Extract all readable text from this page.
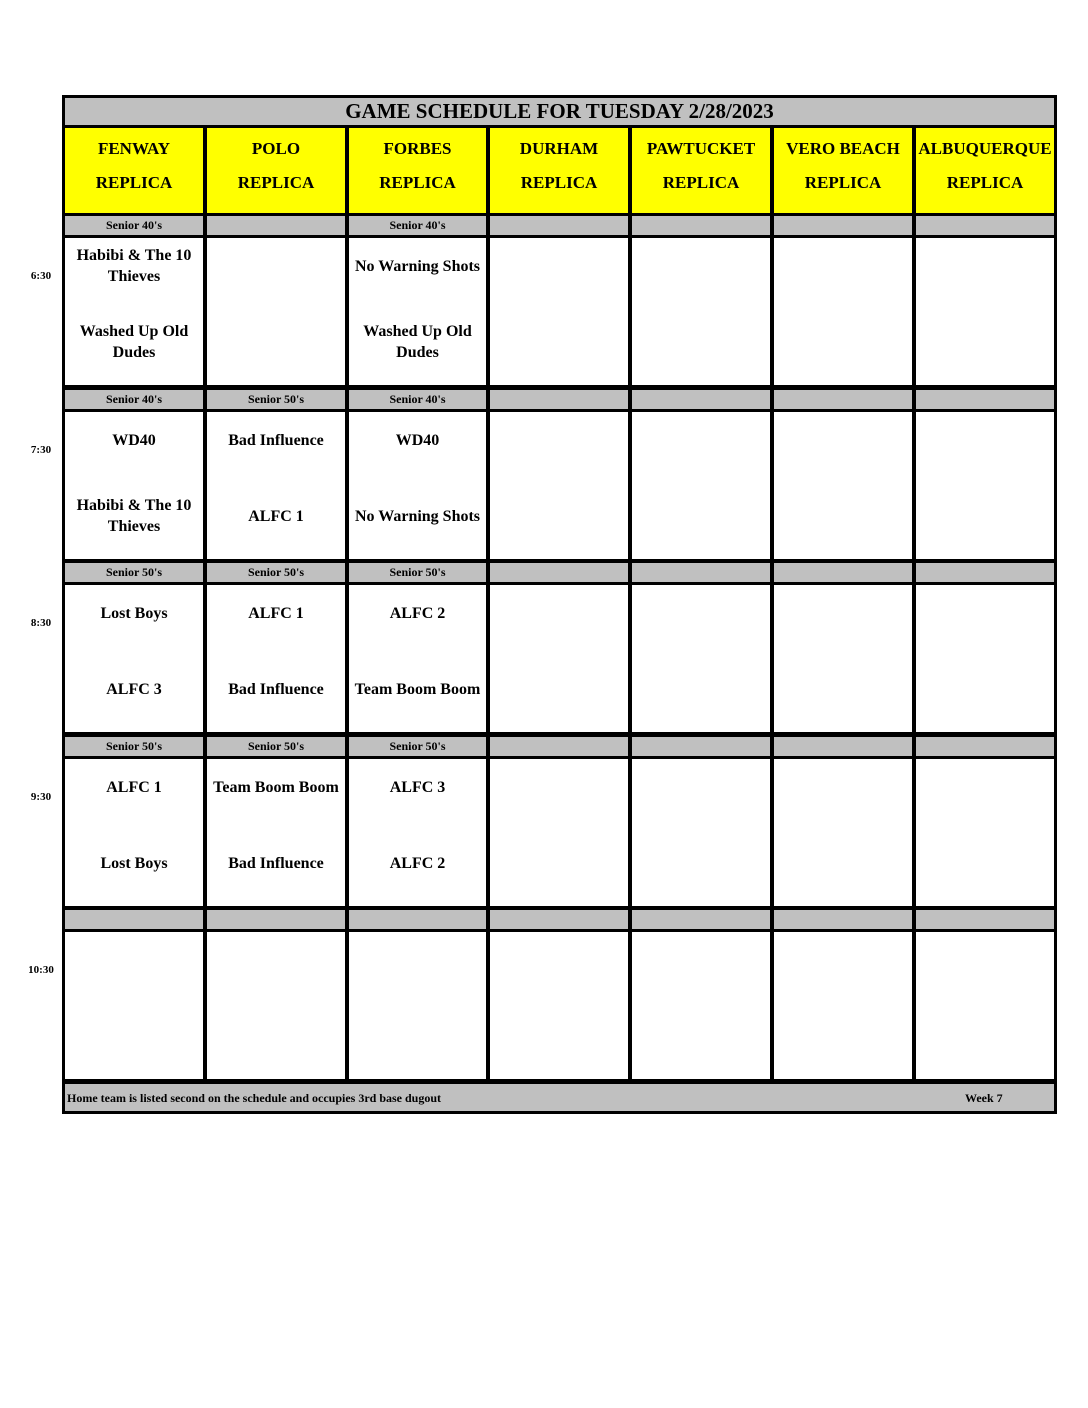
GAME SCHEDULE FOR TUESDAY 2/28/2023
FENWAY
REPLICA
POLO
REPLICA
FORBES
REPLICA
DURHAM
REPLICA
PAWTUCKET
REPLICA
VERO BEACH
REPLICA
ALBUQUERQUE
REPLICA
Senior 40's
Habibi & The 10 Thieves
Washed Up Old Dudes
Senior 40's
No Warning Shots
Washed Up Old Dudes
Senior 40's
WD40
Habibi & The 10 Thieves
Senior 50's
Bad Influence
ALFC 1
Senior 40's
WD40
No Warning Shots
Senior 50's
Lost Boys
ALFC 3
Senior 50's
ALFC 1
Bad Influence
Senior 50's
ALFC 2
Team Boom Boom
Senior 50's
ALFC 1
Lost Boys
Senior 50's
Team Boom Boom
Bad Influence
Senior 50's
ALFC 3
ALFC 2
Home team is listed second on the schedule and occupies 3rd base dugout	Week 7
6:30
7:30
8:30
9:30
10:30
